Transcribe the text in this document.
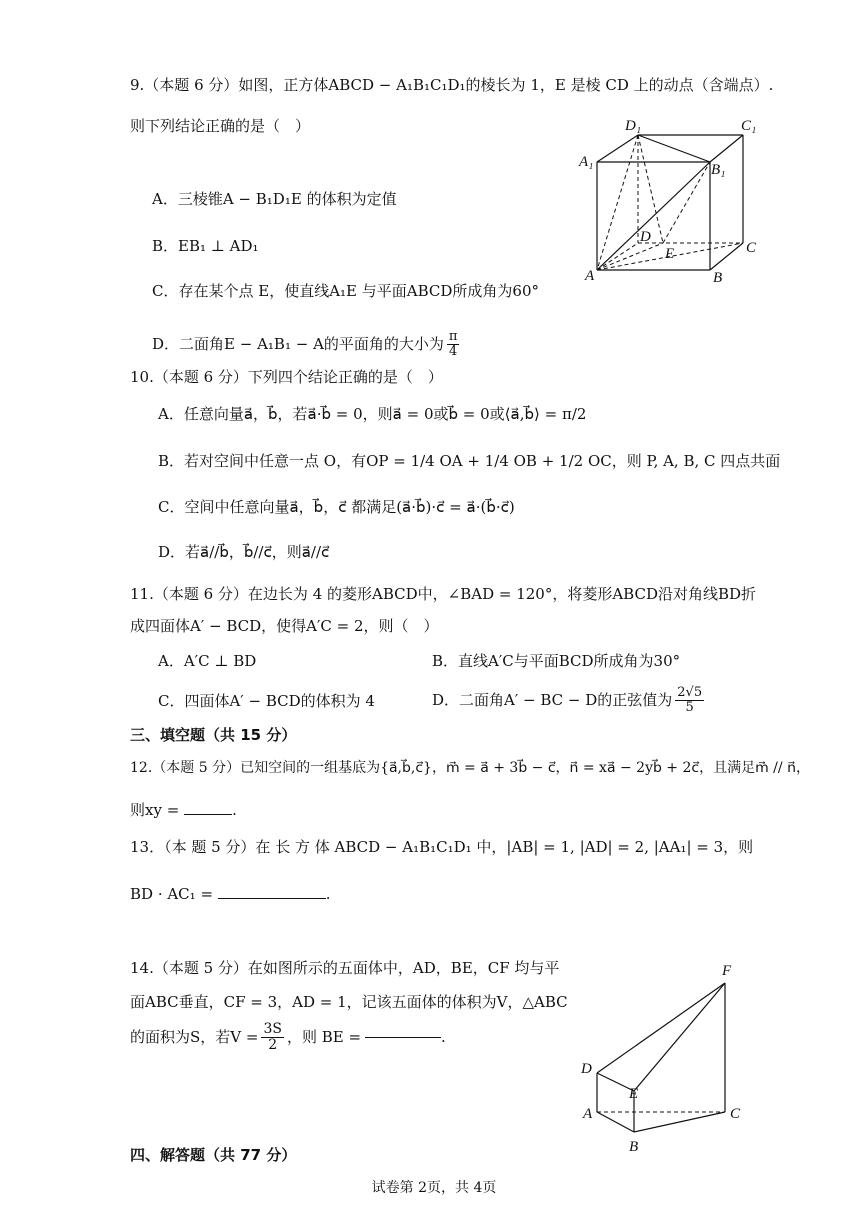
9.（本题 6 分）如图，正方体ABCD − A₁B₁C₁D₁的棱长为 1，E 是棱 CD 上的动点（含端点）.
则下列结论正确的是（　）
A．三棱锥A − B₁D₁E 的体积为定值
B．EB₁ ⊥ AD₁
C．存在某个点 E，使直线A₁E 与平面ABCD所成角为60°
D．二面角E − A₁B₁ − A的平面角的大小为 $\frac{\pi}{4}$
D₁	C₁
A₁	B₁
D
E	C
A	B
10.（本题 6 分）下列四个结论正确的是（　）
A．任意向量a⃗，b⃗，若a⃗·b⃗ = 0，则a⃗ = 0或b⃗ = 0或⟨a⃗,b⃗⟩ = π/2
B．若对空间中任意一点 O，有OP = 1/4 OA + 1/4 OB + 1/2 OC，则 P, A, B, C 四点共面
C．空间中任意向量a⃗，b⃗，c⃗ 都满足(a⃗·b⃗)·c⃗ = a⃗·(b⃗·c⃗)
D．若a⃗//b⃗，b⃗//c⃗，则a⃗//c⃗
11.（本题 6 分）在边长为 4 的菱形ABCD中，∠BAD = 120°，将菱形ABCD沿对角线BD折
成四面体A′ − BCD，使得A′C = 2，则（　）
A．A′C ⊥ BD	B．直线A′C与平面BCD所成角为30°
C．四面体A′ − BCD的体积为 4	D．二面角A′ − BC − D的正弦值为 $\frac{2√5}{5}$
三、填空题（共 15 分）
12.（本题 5 分）已知空间的一组基底为{a⃗,b⃗,c⃗}，m⃗ = a⃗ + 3b⃗ − c⃗，n⃗ = xa⃗ − 2yb⃗ + 2c⃗，且满足m⃗ // n⃗，
则xy =	.
13．（本 题 5 分）在 长 方 体 ABCD − A₁B₁C₁D₁ 中，|AB| = 1, |AD| = 2, |AA₁| = 3，则
BD · AC₁ =	.
14.（本题 5 分）在如图所示的五面体中，AD，BE，CF 均与平
面ABC垂直，CF = 3，AD = 1，记该五面体的体积为V，△ABC
的面积为S，若$V = \frac{3S}{2}$ ，则 BE =	.
F
D
E
A	C
B
四、解答题（共 77 分）
试卷第 2页，共 4页
